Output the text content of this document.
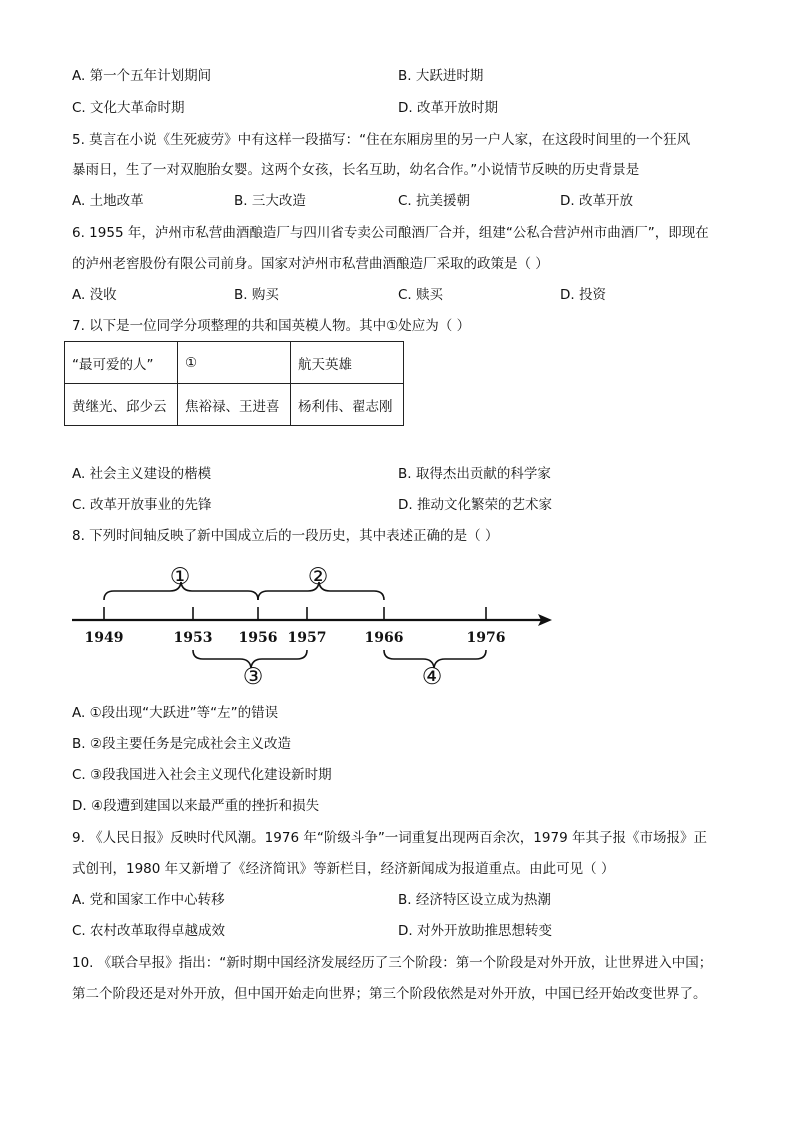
A. 第一个五年计划期间	B. 大跃进时期
C. 文化大革命时期	D. 改革开放时期
5. 莫言在小说《生死疲劳》中有这样一段描写：“住在东厢房里的另一户人家，在这段时间里的一个狂风
暴雨日，生了一对双胞胎女婴。这两个女孩，长名互助，幼名合作。”小说情节反映的历史背景是
A. 土地改革	B. 三大改造	C. 抗美援朝	D. 改革开放
6. 1955 年，泸州市私营曲酒酿造厂与四川省专卖公司酿酒厂合并，组建“公私合营泸州市曲酒厂”，即现在
的泸州老窖股份有限公司前身。国家对泸州市私营曲酒酿造厂采取的政策是（ ）
A. 没收	B. 购买	C. 赎买	D. 投资
7. 以下是一位同学分项整理的共和国英模人物。其中①处应为（ ）
“最可爱的人”	①	航天英雄
黄继光、邱少云	焦裕禄、王进喜	杨利伟、翟志刚
A. 社会主义建设的楷模	B. 取得杰出贡献的科学家
C. 改革开放事业的先锋	D. 推动文化繁荣的艺术家
8. 下列时间轴反映了新中国成立后的一段历史，其中表述正确的是（ ）
1949	1953 1956 1957	1966	1976
①	②
③	④
A. ①段出现“大跃进”等“左”的错误
B. ②段主要任务是完成社会主义改造
C. ③段我国进入社会主义现代化建设新时期
D. ④段遭到建国以来最严重的挫折和损失
9. 《人民日报》反映时代风潮。1976 年“阶级斗争”一词重复出现两百余次，1979 年其子报《市场报》正
式创刊，1980 年又新增了《经济简讯》等新栏目，经济新闻成为报道重点。由此可见（ ）
A. 党和国家工作中心转移	B. 经济特区设立成为热潮
C. 农村改革取得卓越成效	D. 对外开放助推思想转变
10. 《联合早报》指出：“新时期中国经济发展经历了三个阶段：第一个阶段是对外开放，让世界进入中国；
第二个阶段还是对外开放，但中国开始走向世界；第三个阶段依然是对外开放，中国已经开始改变世界了。
